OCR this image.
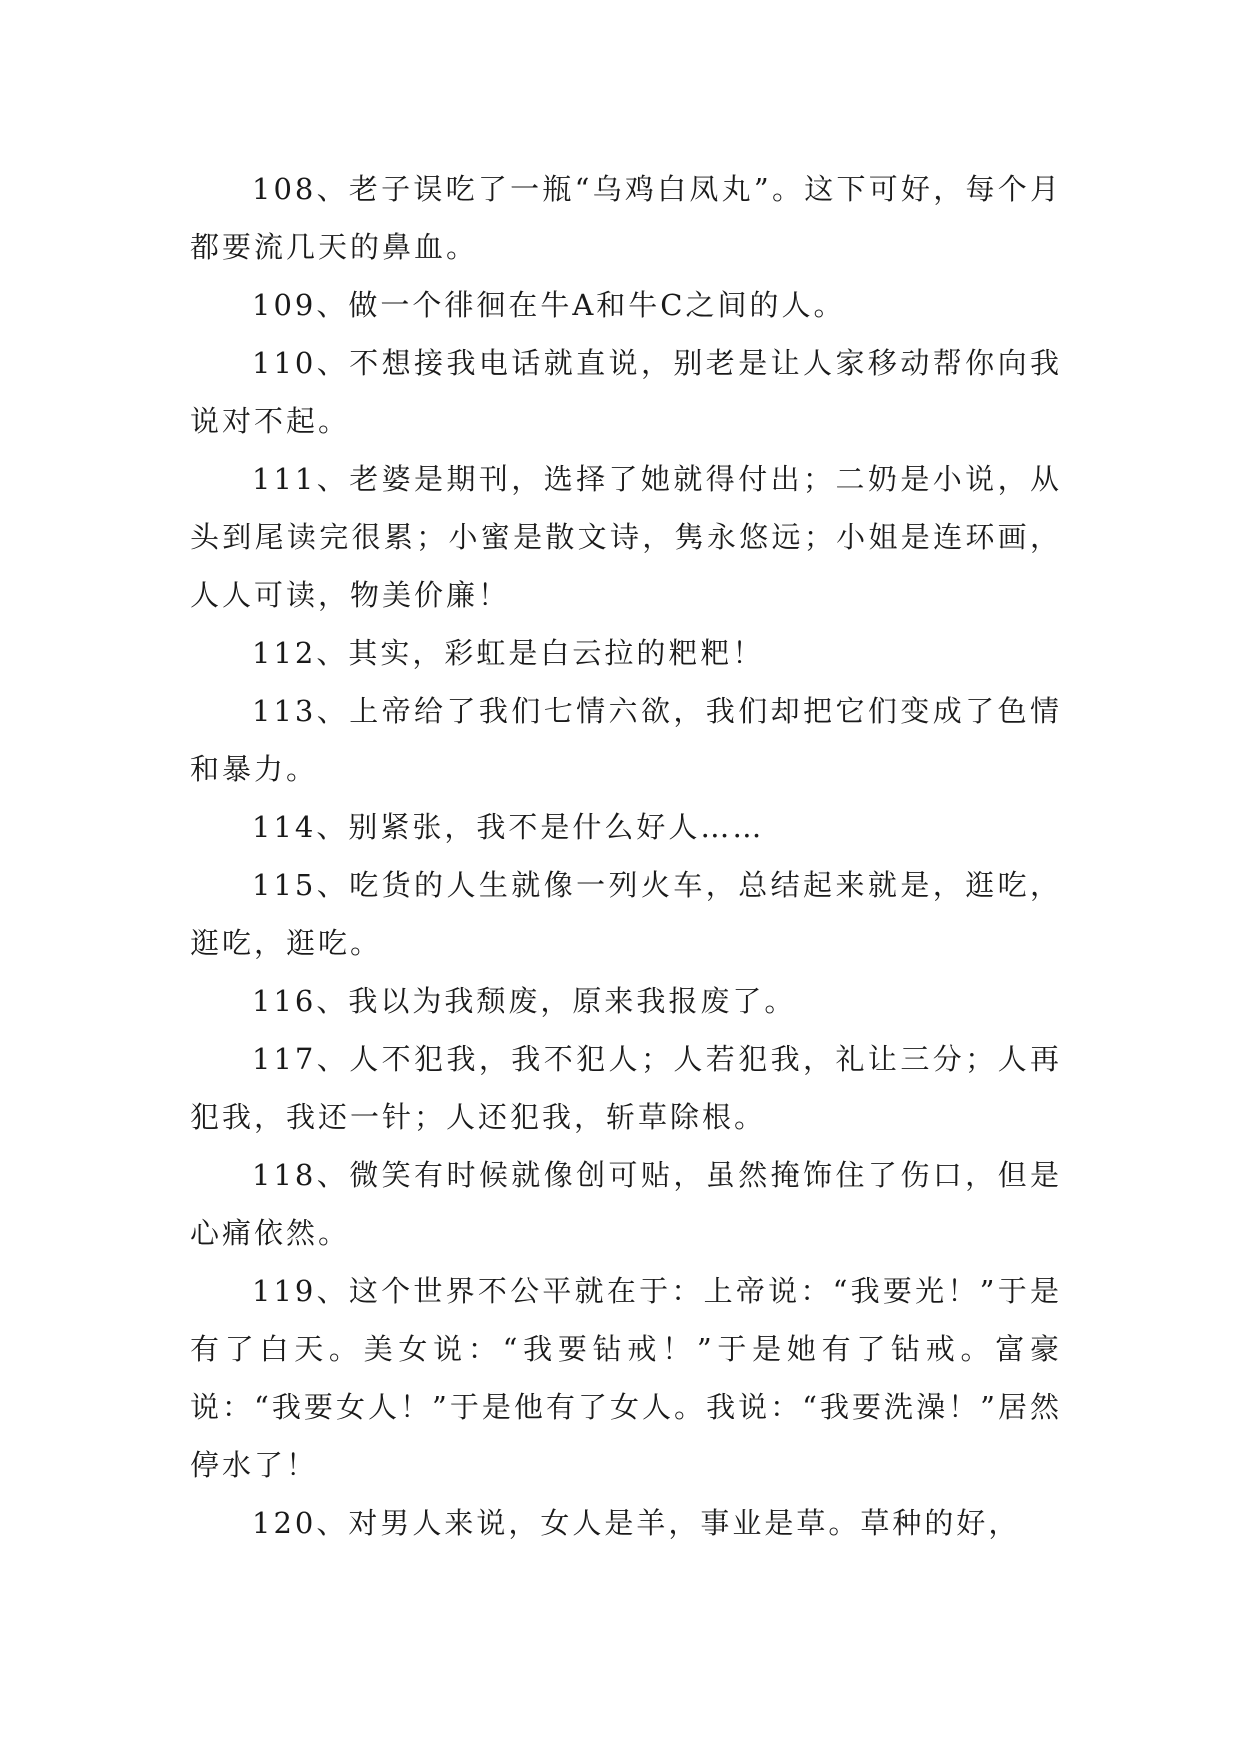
108、老子误吃了一瓶“乌鸡白凤丸”。这下可好，每个月都要流几天的鼻血。

109、做一个徘徊在牛A和牛C之间的人。

110、不想接我电话就直说，别老是让人家移动帮你向我说对不起。

111、老婆是期刊，选择了她就得付出；二奶是小说，从头到尾读完很累；小蜜是散文诗，隽永悠远；小姐是连环画，人人可读，物美价廉！

112、其实，彩虹是白云拉的粑粑！

113、上帝给了我们七情六欲，我们却把它们变成了色情和暴力。

114、别紧张，我不是什么好人……

115、吃货的人生就像一列火车，总结起来就是，逛吃，逛吃，逛吃。

116、我以为我颓废，原来我报废了。

117、人不犯我，我不犯人；人若犯我，礼让三分；人再犯我，我还一针；人还犯我，斩草除根。

118、微笑有时候就像创可贴，虽然掩饰住了伤口，但是心痛依然。

119、这个世界不公平就在于：上帝说：“我要光！”于是有了白天。美女说：“我要钻戒！”于是她有了钻戒。富豪说：“我要女人！”于是他有了女人。我说：“我要洗澡！”居然停水了！

120、对男人来说，女人是羊，事业是草。草种的好，
